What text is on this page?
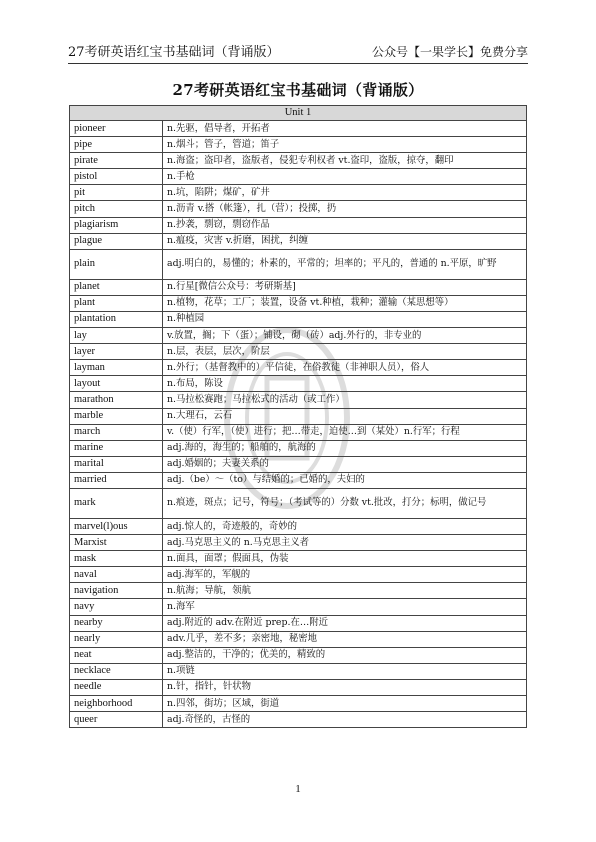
27考研英语红宝书基础词（背诵版）	公众号【一果学长】免费分享
27考研英语红宝书基础词（背诵版）
Unit 1	
pioneer	n.先驱，倡导者，开拓者
pipe	n.烟斗；管子，管道；笛子
pirate	n.海盗；盗印者，盗版者，侵犯专利权者 vt.盗印，盗版，掠夺，翻印
pistol	n.手枪
pit	n.坑，陷阱；煤矿，矿井
pitch	n.沥青 v.搭（帐篷），扎（营）；投掷，扔
plagiarism	n.抄袭，剽窃，剽窃作品
plague	n.瘟疫，灾害 v.折磨，困扰，纠缠
plain	adj.明白的，易懂的；朴素的，平常的；坦率的；平凡的，普通的 n.平原，旷野
planet	n.行星[微信公众号：考研斯基]
plant	n.植物，花草；工厂；装置，设备 vt.种植，栽种；灌输（某思想等）
plantation	n.种植园
lay	v.放置，搁；下（蛋）；铺设，砌（砖）adj.外行的，非专业的
layer	n.层，表层，层次，阶层
layman	n.外行；（基督教中的）平信徒，在俗教徒（非神职人员），俗人
layout	n.布局，陈设
marathon	n.马拉松赛跑；马拉松式的活动（或工作）
marble	n.大理石，云石
march	v.（使）行军，（使）进行；把…带走，迫使…到（某处）n.行军；行程
marine	adj.海的，海生的；船舶的，航海的
marital	adj.婚姻的；夫妻关系的
married	adj.（be）～（to）与结婚的；已婚的，夫妇的
mark	n.痕迹，斑点；记号，符号；（考试等的）分数 vt.批改，打分；标明，做记号
marvel(l)ous	adj.惊人的，奇迹般的，奇妙的
Marxist	adj.马克思主义的 n.马克思主义者
mask	n.面具，面罩；假面具，伪装
naval	adj.海军的，军舰的
navigation	n.航海；导航，领航
navy	n.海军
nearby	adj.附近的 adv.在附近 prep.在…附近
nearly	adv.几乎，差不多；亲密地，秘密地
neat	adj.整洁的，干净的；优美的，精致的
necklace	n.项链
needle	n.针，指针，针状物
neighborhood	n.四邻，街坊；区域，街道
queer	adj.奇怪的，古怪的
1
